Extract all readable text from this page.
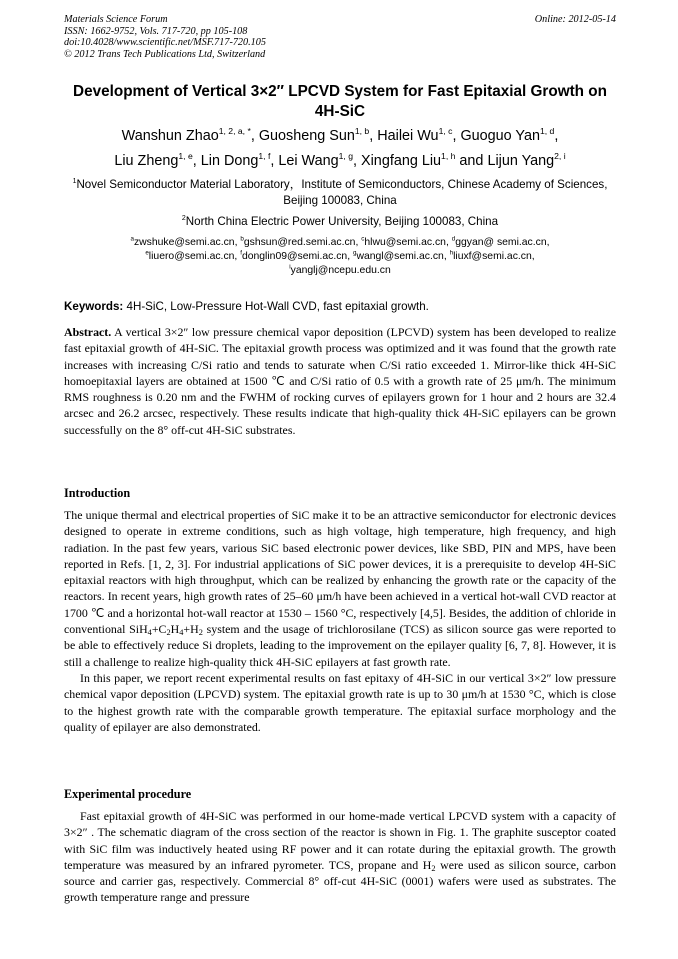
Materials Science Forum
ISSN: 1662-9752, Vols. 717-720, pp 105-108
doi:10.4028/www.scientific.net/MSF.717-720.105
© 2012 Trans Tech Publications Ltd, Switzerland
Online: 2012-05-14
Development of Vertical 3×2″ LPCVD System for Fast Epitaxial Growth on 4H-SiC
Wanshun Zhao$^{1, 2, a, *}$, Guosheng Sun$^{1, b}$, Hailei Wu$^{1, c}$, Guoguo Yan$^{1, d}$,
Liu Zheng$^{1, e}$, Lin Dong$^{1, f}$, Lei Wang$^{1, g}$, Xingfang Liu$^{1, h}$ and Lijun Yang$^{2, i}$
$^1$Novel Semiconductor Material Laboratory，Institute of Semiconductors, Chinese Academy of Sciences, Beijing 100083, China
$^2$North China Electric Power University, Beijing 100083, China
$^a$zwshuke@semi.ac.cn, $^b$gshsun@red.semi.ac.cn, $^c$hlwu@semi.ac.cn, $^d$ggyan@ semi.ac.cn,
$^e$liuero@semi.ac.cn, $^f$donglin09@semi.ac.cn, $^g$wangl@semi.ac.cn, $^h$liuxf@semi.ac.cn,
$^i$yanglj@ncepu.edu.cn
Keywords: 4H-SiC, Low-Pressure Hot-Wall CVD, fast epitaxial growth.

Abstract. A vertical 3×2″ low pressure chemical vapor deposition (LPCVD) system has been developed to realize fast epitaxial growth of 4H-SiC. The epitaxial growth process was optimized and it was found that the growth rate increases with increasing C/Si ratio and tends to saturate when C/Si ratio exceeded 1. Mirror-like thick 4H-SiC homoepitaxial layers are obtained at 1500 ℃ and C/Si ratio of 0.5 with a growth rate of 25 μm/h. The minimum RMS roughness is 0.20 nm and the FWHM of rocking curves of epilayers grown for 1 hour and 2 hours are 32.4 arcsec and 26.2 arcsec, respectively. These results indicate that high-quality thick 4H-SiC epilayers can be grown successfully on the 8° off-cut 4H-SiC substrates.

Introduction

The unique thermal and electrical properties of SiC make it to be an attractive semiconductor for electronic devices designed to operate in extreme conditions, such as high voltage, high temperature, high frequency, and high radiation. In the past few years, various SiC based electronic power devices, like SBD, PIN and MPS, have been reported in Refs. [1, 2, 3]. For industrial applications of SiC power devices, it is a prerequisite to develop 4H-SiC epitaxial reactors with high throughput, which can be realized by enhancing the growth rate or the capacity of the reactors. In recent years, high growth rates of 25–60 μm/h have been achieved in a vertical hot-wall CVD reactor at 1700 ℃ and a horizontal hot-wall reactor at 1530 – 1560 °C, respectively [4,5]. Besides, the addition of chloride in conventional $SiH_4+C_2H_4+H_2$ system and the usage of trichlorosilane (TCS) as silicon source gas were reported to be able to effectively reduce Si droplets, leading to the improvement on the epilayer quality [6, 7, 8]. However, it is still a challenge to realize high-quality thick 4H-SiC epilayers at fast growth rate.

In this paper, we report recent experimental results on fast epitaxy of 4H-SiC in our vertical 3×2″ low pressure chemical vapor deposition (LPCVD) system. The epitaxial growth rate is up to 30 μm/h at 1530 °C, which is close to the highest growth rate with the comparable growth temperature. The epitaxial surface morphology and the quality of epilayer are also demonstrated.

Experimental procedure

Fast epitaxial growth of 4H-SiC was performed in our home-made vertical LPCVD system with a capacity of 3×2″ . The schematic diagram of the cross section of the reactor is shown in Fig. 1. The graphite susceptor coated with SiC film was inductively heated using RF power and it can rotate during the epitaxial growth. The growth temperature was measured by an infrared pyrometer. TCS, propane and $H_2$ were used as silicon source, carbon source and carrier gas, respectively. Commercial 8° off-cut 4H-SiC (0001) wafers were used as substrates. The growth temperature range and pressure
